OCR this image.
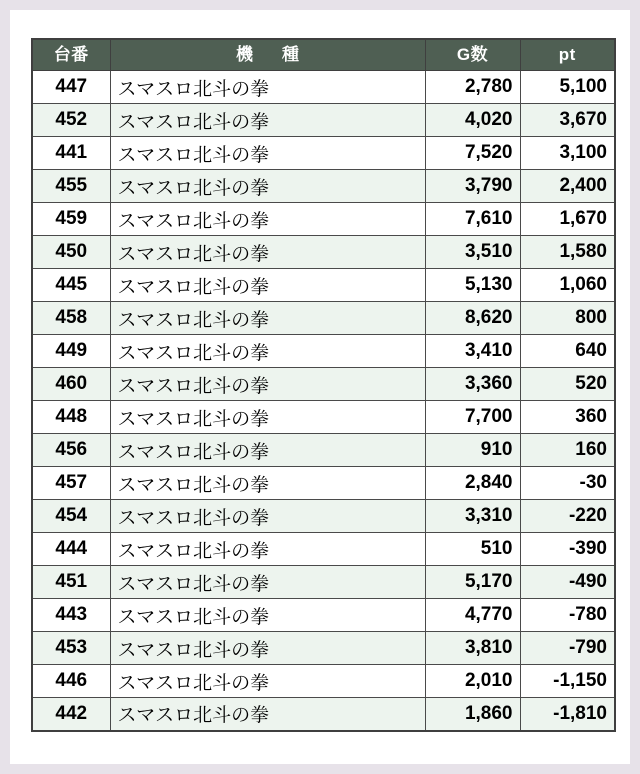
台番	機　種	G数	pt
447	スマスロ北斗の拳	2,780	5,100
452	スマスロ北斗の拳	4,020	3,670
441	スマスロ北斗の拳	7,520	3,100
455	スマスロ北斗の拳	3,790	2,400
459	スマスロ北斗の拳	7,610	1,670
450	スマスロ北斗の拳	3,510	1,580
445	スマスロ北斗の拳	5,130	1,060
458	スマスロ北斗の拳	8,620	800
449	スマスロ北斗の拳	3,410	640
460	スマスロ北斗の拳	3,360	520
448	スマスロ北斗の拳	7,700	360
456	スマスロ北斗の拳	910	160
457	スマスロ北斗の拳	2,840	-30
454	スマスロ北斗の拳	3,310	-220
444	スマスロ北斗の拳	510	-390
451	スマスロ北斗の拳	5,170	-490
443	スマスロ北斗の拳	4,770	-780
453	スマスロ北斗の拳	3,810	-790
446	スマスロ北斗の拳	2,010	-1,150
442	スマスロ北斗の拳	1,860	-1,810
